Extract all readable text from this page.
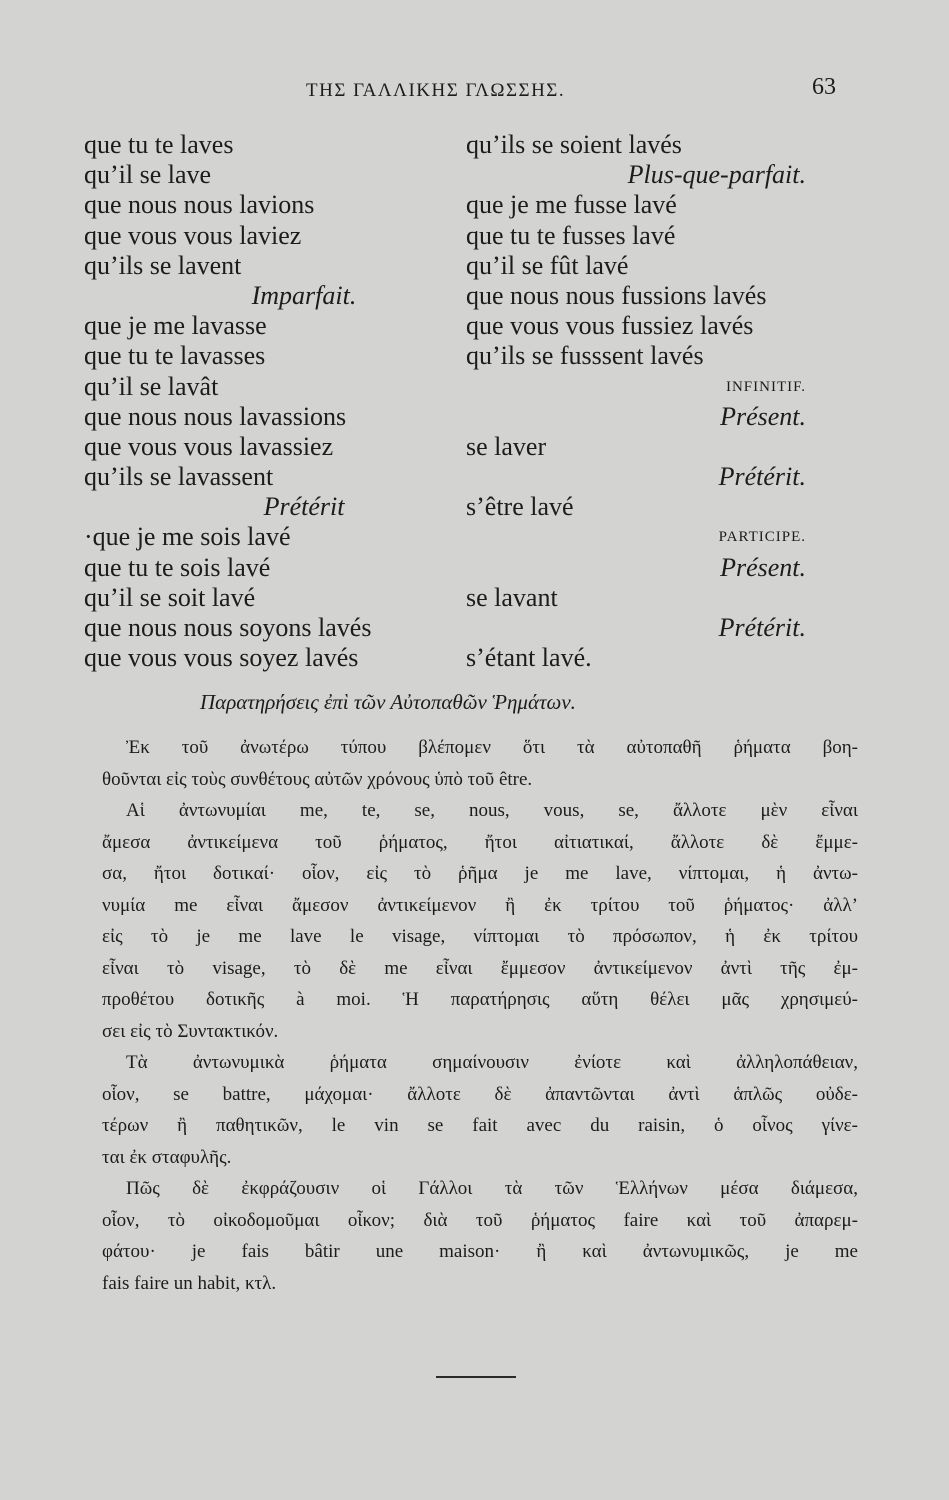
ΤΗΣ ΓΑΛΛΙΚΗΣ ΓΛΩΣΣΗΣ.	63
que tu te laves
qu’il se lave
que nous nous lavions
que vous vous laviez
qu’ils se lavent
Imparfait.
que je me lavasse
que tu te lavasses
qu’il se lavât
que nous nous lavassions
que vous vous lavassiez
qu’ils se lavassent
Prétérit
·que je me sois lavé
que tu te sois lavé
qu’il se soit lavé
que nous nous soyons lavés
que vous vous soyez lavés
qu’ils se soient lavés
Plus-que-parfait.
que je me fusse lavé
que tu te fusses lavé
qu’il se fût lavé
que nous nous fussions lavés
que vous vous fussiez lavés
qu’ils se fusssent lavés
INFINITIF.
Présent.
se laver
Prétérit.
s’être lavé
PARTICIPE.
Présent.
se lavant
Prétérit.
s’étant lavé.
Παρατηρήσεις ἐπὶ τῶν Αὐτοπαθῶν Ῥημάτων.
Ἐκ τοῦ ἀνωτέρω τύπου βλέπομεν ὅτι τὰ αὐτοπαθῆ ῥήματα βοη-
θοῦνται εἰς τοὺς συνθέτους αὐτῶν χρόνους ὑπὸ τοῦ être.
Αἱ ἀντωνυμίαι me, te, se, nous, vous, se, ἄλλοτε μὲν εἶναι
ἄμεσα ἀντικείμενα τοῦ ῥήματος, ἤτοι αἰτιατικαί, ἄλλοτε δὲ ἔμμε-
σα, ἤτοι δοτικαί· οἷον, εἰς τὸ ῥῆμα je me lave, νίπτομαι, ἡ ἀντω-
νυμία me εἶναι ἄμεσον ἀντικείμενον ἢ ἐκ τρίτου τοῦ ῥήματος· ἀλλ’
εἰς τὸ je me lave le visage, νίπτομαι τὸ πρόσωπον, ἡ ἐκ τρίτου
εἶναι τὸ visage, τὸ δὲ me εἶναι ἔμμεσον ἀντικείμενον ἀντὶ τῆς ἐμ-
προθέτου δοτικῆς à moi. Ἡ παρατήρησις αὕτη θέλει μᾶς χρησιμεύ-
σει εἰς τὸ Συντακτικόν.
Τὰ ἀντωνυμικὰ ῥήματα σημαίνουσιν ἐνίοτε καὶ ἀλληλοπάθειαν,
οἷον, se battre, μάχομαι· ἄλλοτε δὲ ἀπαντῶνται ἀντὶ ἁπλῶς οὐδε-
τέρων ἢ παθητικῶν, le vin se fait avec du raisin, ὁ οἶνος γίνε-
ται ἐκ σταφυλῆς.
Πῶς δὲ ἐκφράζουσιν οἱ Γάλλοι τὰ τῶν Ἑλλήνων μέσα διάμεσα,
οἷον, τὸ οἰκοδομοῦμαι οἶκον; διὰ τοῦ ῥήματος faire καὶ τοῦ ἀπαρεμ-
φάτου· je fais bâtir une maison· ἢ καὶ ἀντωνυμικῶς, je me
fais faire un habit, κτλ.
